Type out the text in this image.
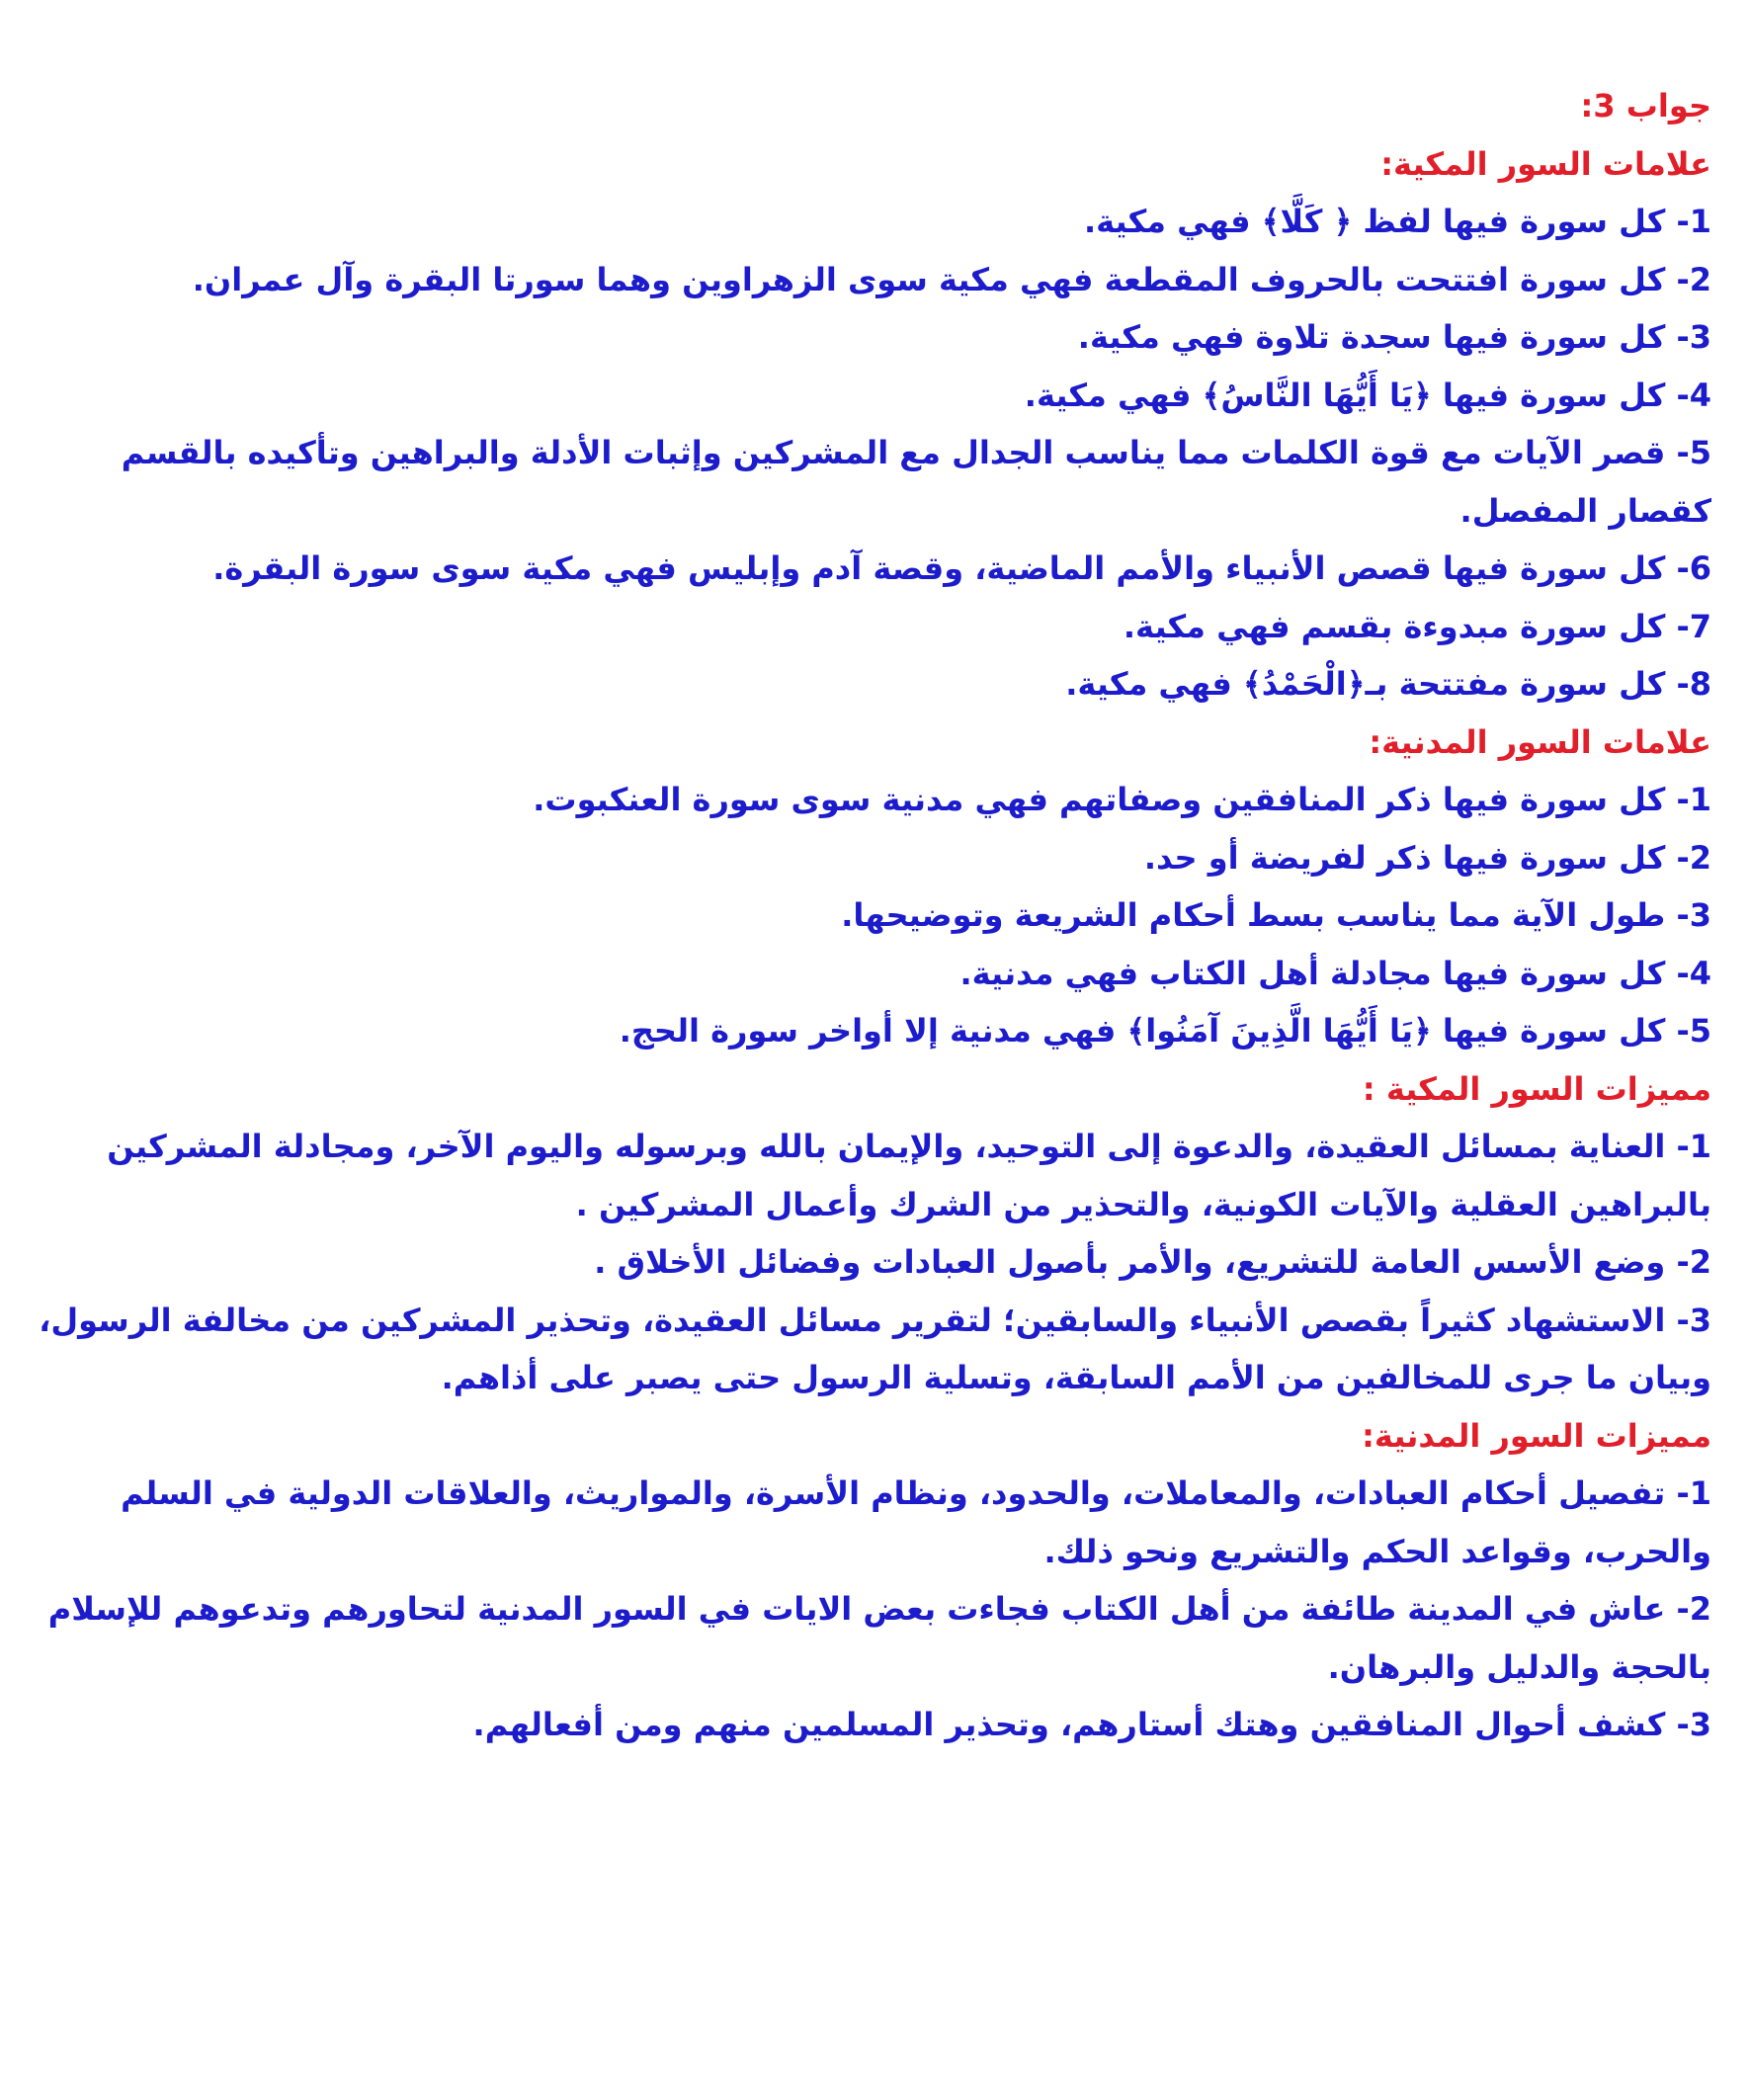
جواب 3:

علامات السور المكية:

1- كل سورة فيها لفظ ﴿ كَلَّا﴾ فهي مكية.

2- كل سورة افتتحت بالحروف المقطعة فهي مكية سوى الزهراوين وهما سورتا البقرة وآل عمران.

3- كل سورة فيها سجدة تلاوة فهي مكية.

4- كل سورة فيها ﴿يَا أَيُّهَا النَّاسُ﴾ فهي مكية.

5- قصر الآيات مع قوة الكلمات مما يناسب الجدال مع المشركين وإثبات الأدلة والبراهين وتأكيده بالقسم كقصار المفصل.

6- كل سورة فيها قصص الأنبياء والأمم الماضية، وقصة آدم وإبليس فهي مكية سوى سورة البقرة.

7- كل سورة مبدوءة بقسم فهي مكية.

8- كل سورة مفتتحة بـ﴿الْحَمْدُ﴾ فهي مكية.

علامات السور المدنية:

1- كل سورة فيها ذكر المنافقين وصفاتهم فهي مدنية سوى سورة العنكبوت.

2- كل سورة فيها ذكر لفريضة أو حد.

3- طول الآية مما يناسب بسط أحكام الشريعة وتوضيحها.

4- كل سورة فيها مجادلة أهل الكتاب فهي مدنية.

5- كل سورة فيها ﴿يَا أَيُّهَا الَّذِينَ آمَنُوا﴾ فهي مدنية إلا أواخر سورة الحج.

مميزات السور المكية :

1- العناية بمسائل العقيدة، والدعوة إلى التوحيد، والإيمان بالله وبرسوله واليوم الآخر، ومجادلة المشركين بالبراهين العقلية والآيات الكونية، والتحذير من الشرك وأعمال المشركين .

2- وضع الأسس العامة للتشريع، والأمر بأصول العبادات وفضائل الأخلاق .

3- الاستشهاد كثيراً بقصص الأنبياء والسابقين؛ لتقرير مسائل العقيدة، وتحذير المشركين من مخالفة الرسول، وبيان ما جرى للمخالفين من الأمم السابقة، وتسلية الرسول حتى يصبر على أذاهم.

مميزات السور المدنية:

1- تفصيل أحكام العبادات، والمعاملات، والحدود، ونظام الأسرة، والمواريث، والعلاقات الدولية في السلم والحرب، وقواعد الحكم والتشريع ونحو ذلك.

2- عاش في المدينة طائفة من أهل الكتاب فجاءت بعض الايات في السور المدنية لتحاورهم وتدعوهم للإسلام بالحجة والدليل والبرهان.

3- كشف أحوال المنافقين وهتك أستارهم، وتحذير المسلمين منهم ومن أفعالهم.
